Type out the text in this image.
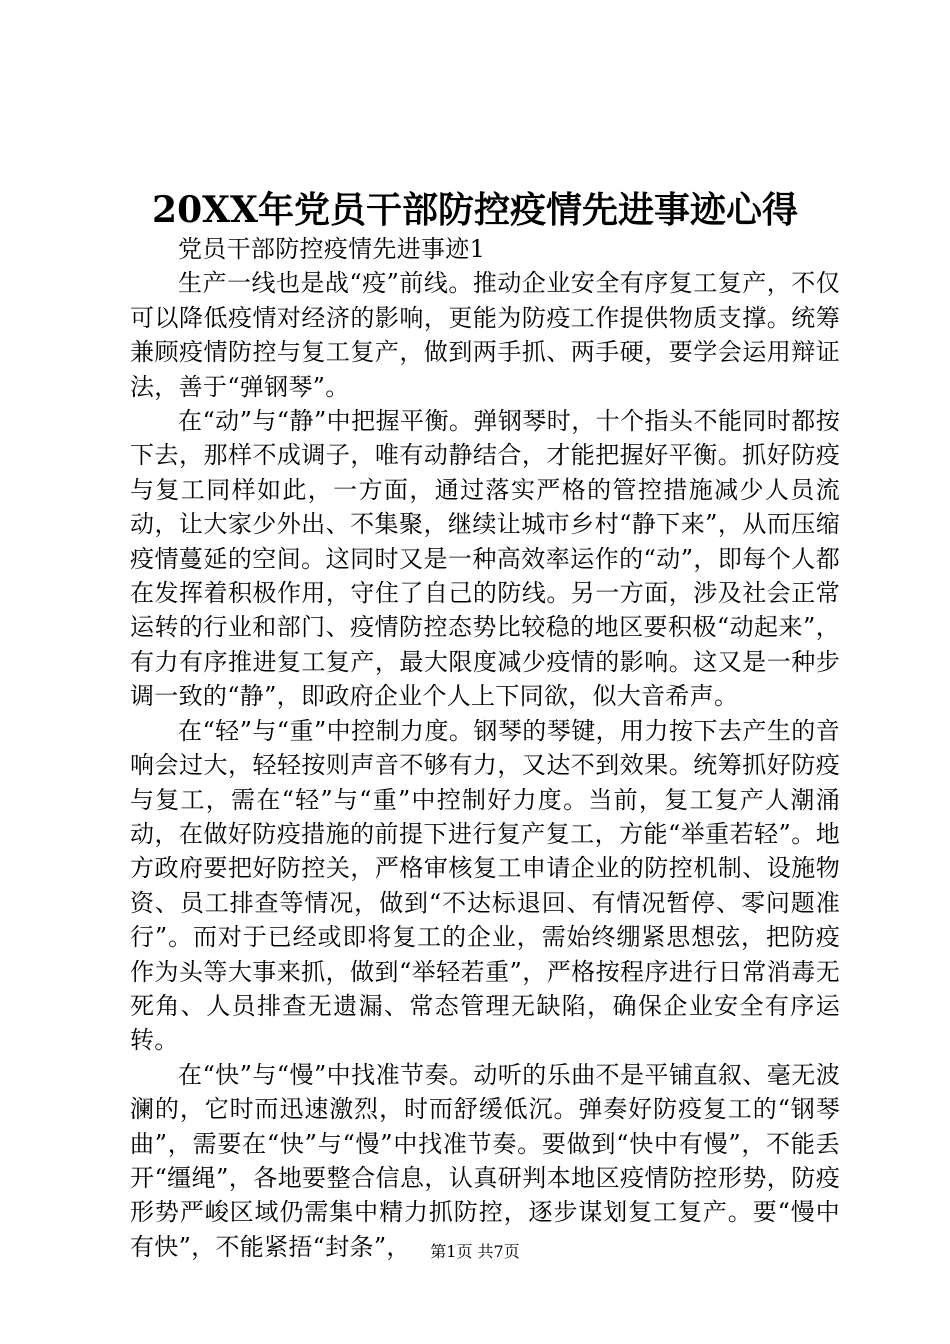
20XX年党员干部防控疫情先进事迹心得

党员干部防控疫情先进事迹1

生产一线也是战“疫”前线。推动企业安全有序复工复产，不仅可以降低疫情对经济的影响，更能为防疫工作提供物质支撑。统筹兼顾疫情防控与复工复产，做到两手抓、两手硬，要学会运用辩证法，善于“弹钢琴”。

在“动”与“静”中把握平衡。弹钢琴时，十个指头不能同时都按下去，那样不成调子，唯有动静结合，才能把握好平衡。抓好防疫与复工同样如此，一方面，通过落实严格的管控措施减少人员流动，让大家少外出、不集聚，继续让城市乡村“静下来”，从而压缩疫情蔓延的空间。这同时又是一种高效率运作的“动”，即每个人都在发挥着积极作用，守住了自己的防线。另一方面，涉及社会正常运转的行业和部门、疫情防控态势比较稳的地区要积极“动起来”，有力有序推进复工复产，最大限度减少疫情的影响。这又是一种步调一致的“静”，即政府企业个人上下同欲，似大音希声。

在“轻”与“重”中控制力度。钢琴的琴键，用力按下去产生的音响会过大，轻轻按则声音不够有力，又达不到效果。统筹抓好防疫与复工，需在“轻”与“重”中控制好力度。当前，复工复产人潮涌动，在做好防疫措施的前提下进行复产复工，方能“举重若轻”。地方政府要把好防控关，严格审核复工申请企业的防控机制、设施物资、员工排查等情况，做到“不达标退回、有情况暂停、零问题准行”。而对于已经或即将复工的企业，需始终绷紧思想弦，把防疫作为头等大事来抓，做到“举轻若重”，严格按程序进行日常消毒无死角、人员排查无遗漏、常态管理无缺陷，确保企业安全有序运转。

在“快”与“慢”中找准节奏。动听的乐曲不是平铺直叙、毫无波澜的，它时而迅速激烈，时而舒缓低沉。弹奏好防疫复工的“钢琴曲”，需要在“快”与“慢”中找准节奏。要做到“快中有慢”，不能丢开“缰绳”，各地要整合信息，认真研判本地区疫情防控形势，防疫形势严峻区域仍需集中精力抓防控，逐步谋划复工复产。要“慢中有快”，不能紧捂“封条”，	第1页 共7页
